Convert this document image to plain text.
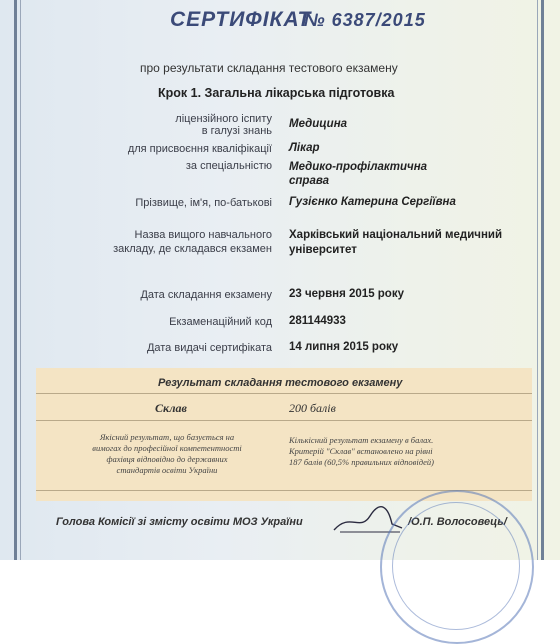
СЕРТИФІКАТ
№ 6387/2015
про результати складання тестового екзамену
Крок 1. Загальна лікарська підготовка
ліцензійного іспиту
в галузі знань
Медицина
для присвоєння кваліфікації Лікар
за спеціальністю Медико-профілактична
справа
Прізвище, ім'я, по-батькові Гузієнко Катерина Сергіївна
Назва вищого навчального
закладу, де складався екзамен
Харківський національний медичний
університет
Дата складання екзамену 23 червня 2015 року
Екзаменаційний код 281144933
Дата видачі сертифіката 14 липня 2015 року
Результат складання тестового екзамену
Склав	200 балів
Якісний результат, що базується на
вимогах до професійної компетентності
фахівця відповідно до державних
стандартів освіти України
Кількісний результат екзамену в балах.
Критерій "Склав" встановлено на рівні
187 балів (60,5% правильних відповідей)
Голова Комісії зі змісту освіти МОЗ України	/О.П. Волосовець/
